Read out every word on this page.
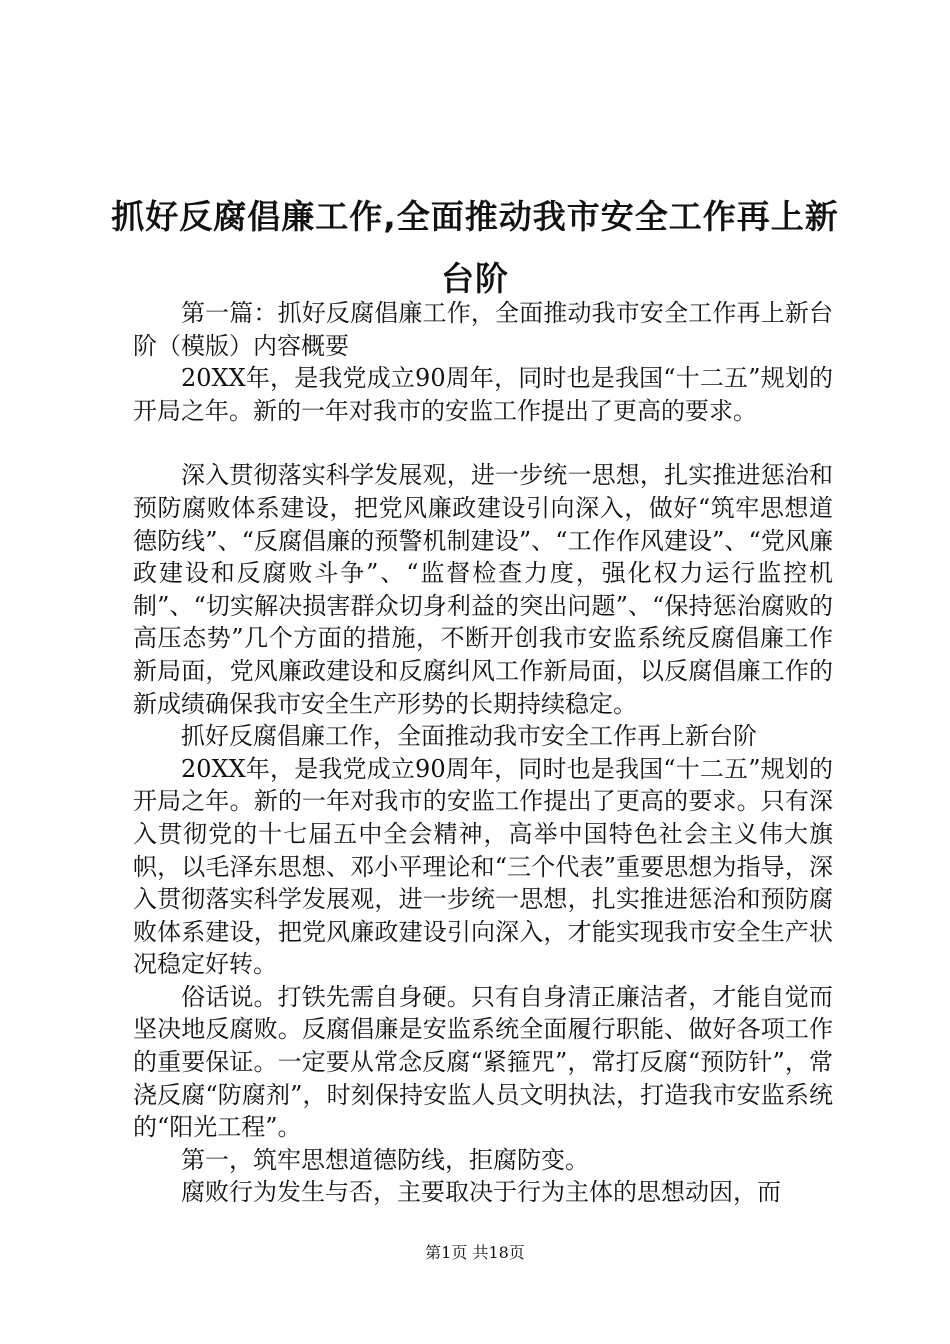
抓好反腐倡廉工作,全面推动我市安全工作再上新台阶

第一篇：抓好反腐倡廉工作，全面推动我市安全工作再上新台阶（模版）内容概要

20XX年，是我党成立90周年，同时也是我国“十二五”规划的开局之年。新的一年对我市的安监工作提出了更高的要求。

深入贯彻落实科学发展观，进一步统一思想，扎实推进惩治和预防腐败体系建设，把党风廉政建设引向深入，做好“筑牢思想道德防线”、“反腐倡廉的预警机制建设”、“工作作风建设”、“党风廉政建设和反腐败斗争”、“监督检查力度，强化权力运行监控机制”、“切实解决损害群众切身利益的突出问题”、“保持惩治腐败的高压态势”几个方面的措施，不断开创我市安监系统反腐倡廉工作新局面，党风廉政建设和反腐纠风工作新局面，以反腐倡廉工作的新成绩确保我市安全生产形势的长期持续稳定。

抓好反腐倡廉工作，全面推动我市安全工作再上新台阶

20XX年，是我党成立90周年，同时也是我国“十二五”规划的开局之年。新的一年对我市的安监工作提出了更高的要求。只有深入贯彻党的十七届五中全会精神，高举中国特色社会主义伟大旗帜，以毛泽东思想、邓小平理论和“三个代表”重要思想为指导，深入贯彻落实科学发展观，进一步统一思想，扎实推进惩治和预防腐败体系建设，把党风廉政建设引向深入，才能实现我市安全生产状况稳定好转。

俗话说。打铁先需自身硬。只有自身清正廉洁者，才能自觉而坚决地反腐败。反腐倡廉是安监系统全面履行职能、做好各项工作的重要保证。一定要从常念反腐“紧箍咒”，常打反腐“预防针”，常浇反腐“防腐剂”，时刻保持安监人员文明执法，打造我市安监系统的“阳光工程”。

第一，筑牢思想道德防线，拒腐防变。

腐败行为发生与否，主要取决于行为主体的思想动因，而

第1页 共18页
